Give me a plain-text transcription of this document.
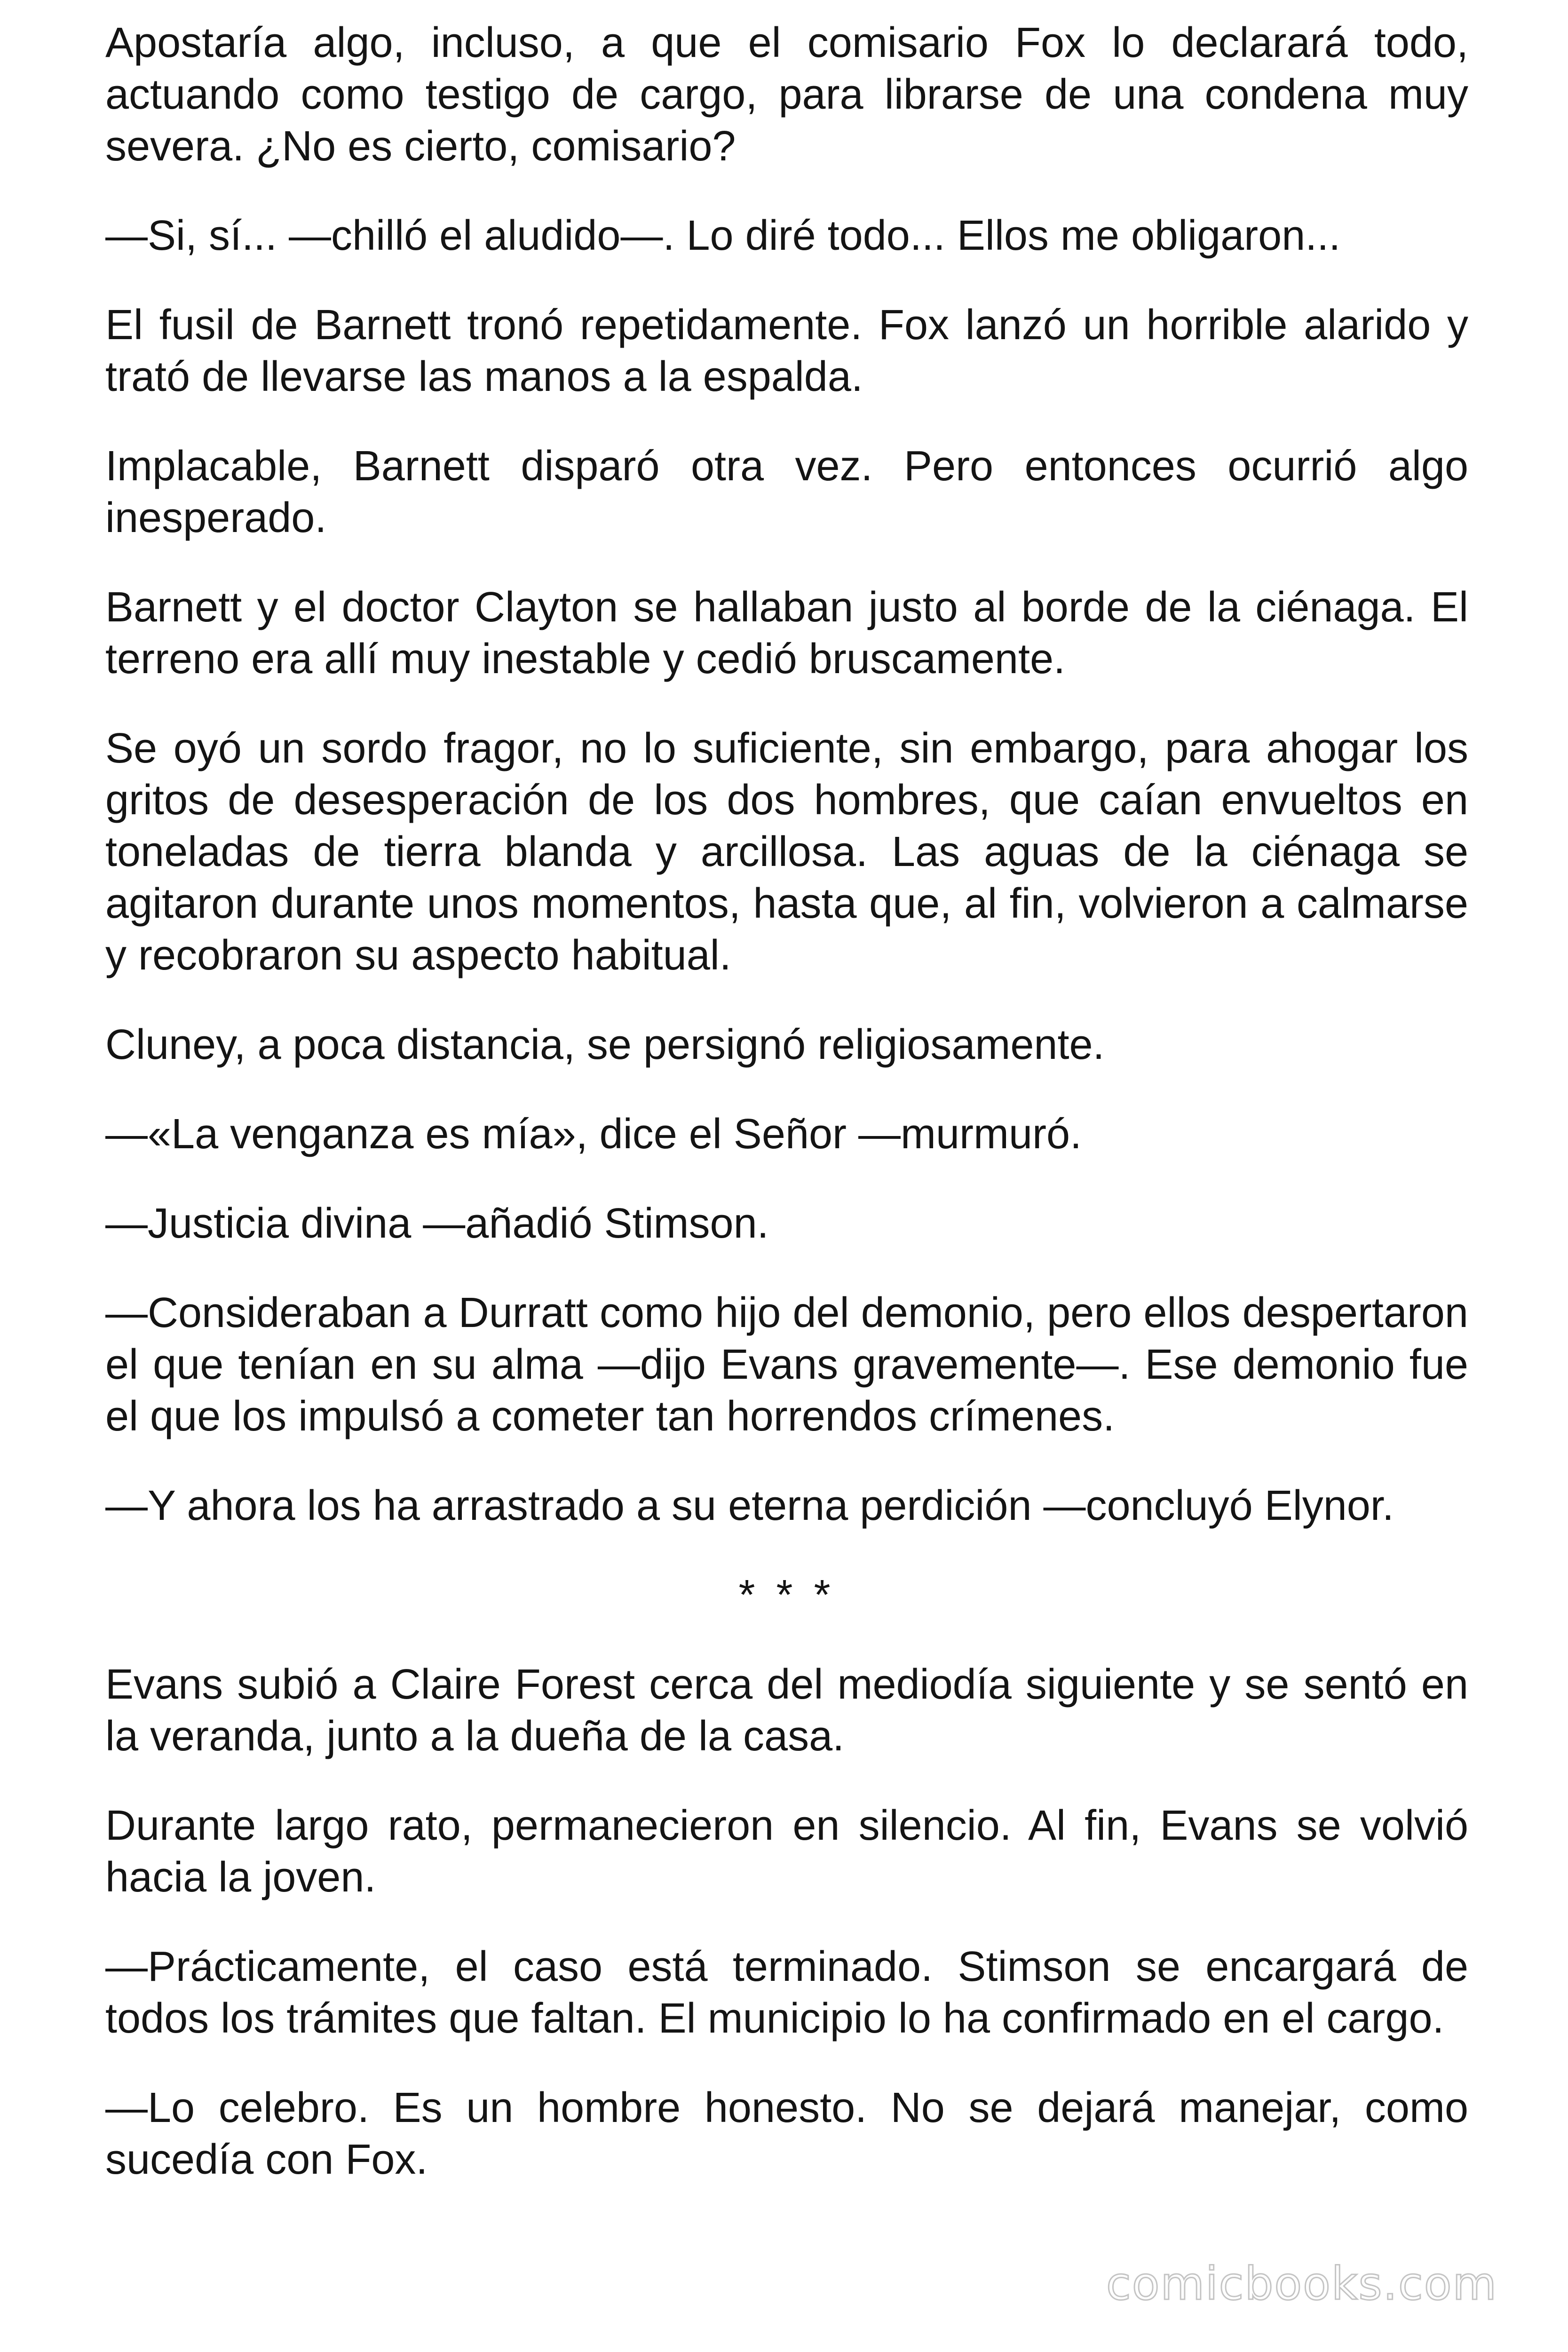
Apostaría algo, incluso, a que el comisario Fox lo declarará todo, actuando como testigo de cargo, para librarse de una condena muy severa. ¿No es cierto, comisario?

—Si, sí... —chilló el aludido—. Lo diré todo... Ellos me obligaron...

El fusil de Barnett tronó repetidamente. Fox lanzó un horrible alarido y trató de llevarse las manos a la espalda.

Implacable, Barnett disparó otra vez. Pero entonces ocurrió algo inesperado.

Barnett y el doctor Clayton se hallaban justo al borde de la ciénaga. El terreno era allí muy inestable y cedió bruscamente.

Se oyó un sordo fragor, no lo suficiente, sin embargo, para ahogar los gritos de desesperación de los dos hombres, que caían envueltos en toneladas de tierra blanda y arcillosa. Las aguas de la ciénaga se agitaron durante unos momentos, hasta que, al fin, volvieron a calmarse y recobraron su aspecto habitual.

Cluney, a poca distancia, se persignó religiosamente.

—«La venganza es mía», dice el Señor —murmuró.

—Justicia divina —añadió Stimson.

—Consideraban a Durratt como hijo del demonio, pero ellos despertaron el que tenían en su alma —dijo Evans gravemente—. Ese demonio fue el que los impulsó a cometer tan horrendos crímenes.

—Y ahora los ha arrastrado a su eterna perdición —concluyó Elynor.

* * *

Evans subió a Claire Forest cerca del mediodía siguiente y se sentó en la veranda, junto a la dueña de la casa.

Durante largo rato, permanecieron en silencio. Al fin, Evans se volvió hacia la joven.

—Prácticamente, el caso está terminado. Stimson se encargará de todos los trámites que faltan. El municipio lo ha confirmado en el cargo.

—Lo celebro. Es un hombre honesto. No se dejará manejar, como sucedía con Fox.

comicbooks.com
